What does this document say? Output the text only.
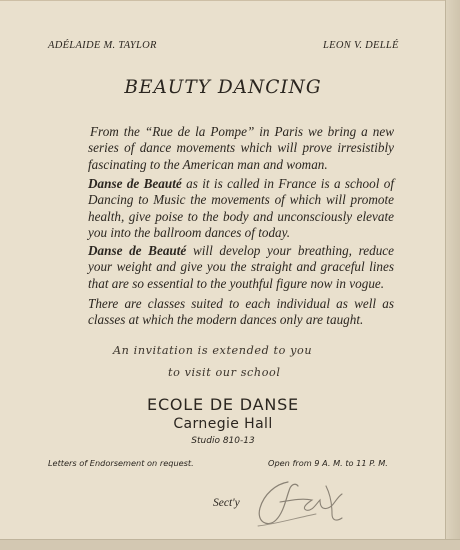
ADÉLAIDE M. TAYLOR	LEON V. DELLÉ
BEAUTY DANCING
From the “Rue de la Pompe” in Paris we bring a new series of dance movements which will prove irresistibly fascinating to the American man and woman.
Danse de Beauté as it is called in France is a school of Dancing to Music the movements of which will promote health, give poise to the body and unconsciously elevate you into the ballroom dances of today.
Danse de Beauté will develop your breathing, reduce your weight and give you the straight and graceful lines that are so essential to the youthful figure now in vogue.
There are classes suited to each individual as well as classes at which the modern dances only are taught.
An invitation is extended to you
to visit our school
ECOLE DE DANSE
Carnegie Hall
Studio 810-13
Letters of Endorsement on request.	Open from 9 A. M. to 11 P. M.
Sect'y
